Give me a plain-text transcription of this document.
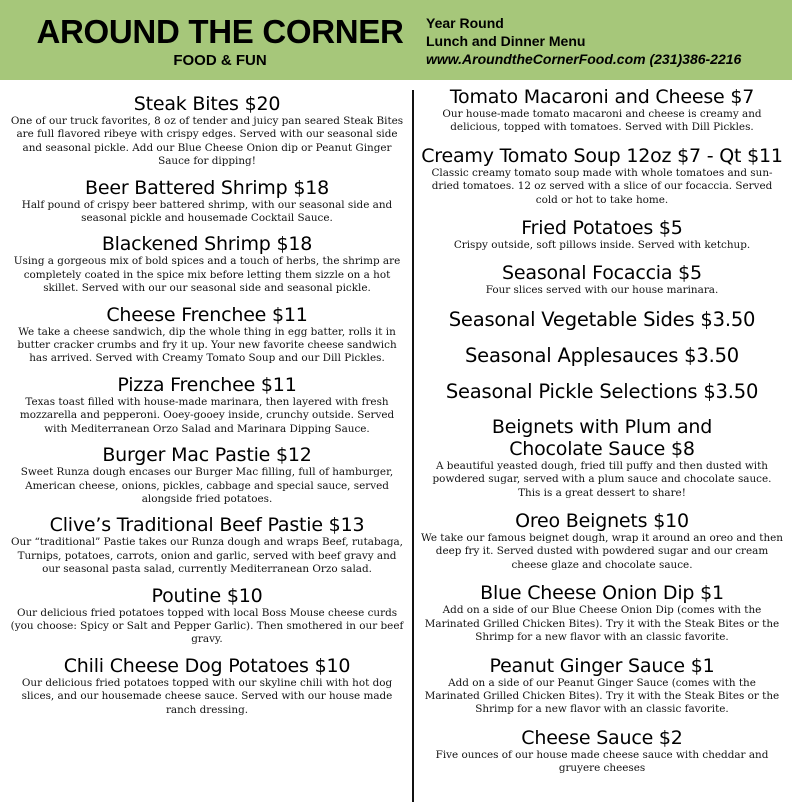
AROUND THE CORNER
FOOD & FUN
Year Round
Lunch and Dinner Menu
www.AroundtheCornerFood.com (231)386-2216
Steak Bites $20

One of our truck favorites, 8 oz of tender and juicy pan seared Steak Bites are full flavored ribeye with crispy edges. Served with our seasonal side and seasonal pickle. Add our Blue Cheese Onion dip or Peanut Ginger Sauce for dipping!

Beer Battered Shrimp $18

Half pound of crispy beer battered shrimp, with our seasonal side and seasonal pickle and housemade Cocktail Sauce.

Blackened Shrimp $18

Using a gorgeous mix of bold spices and a touch of herbs, the shrimp are completely coated in the spice mix before letting them sizzle on a hot skillet. Served with our our seasonal side and seasonal pickle.

Cheese Frenchee $11

We take a cheese sandwich, dip the whole thing in egg batter, rolls it in butter cracker crumbs and fry it up. Your new favorite cheese sandwich has arrived. Served with Creamy Tomato Soup and our Dill Pickles.

Pizza Frenchee $11

Texas toast filled with house-made marinara, then layered with fresh mozzarella and pepperoni. Ooey-gooey inside, crunchy outside. Served with Mediterranean Orzo Salad and Marinara Dipping Sauce.

Burger Mac Pastie $12

Sweet Runza dough encases our Burger Mac filling, full of hamburger, American cheese, onions, pickles, cabbage and special sauce, served alongside fried potatoes.

Clive’s Traditional Beef Pastie $13

Our “traditional” Pastie takes our Runza dough and wraps Beef, rutabaga, Turnips, potatoes, carrots, onion and garlic, served with beef gravy and our seasonal pasta salad, currently Mediterranean Orzo salad.

Poutine $10

Our delicious fried potatoes topped with local Boss Mouse cheese curds (you choose: Spicy or Salt and Pepper Garlic). Then smothered in our beef gravy.

Chili Cheese Dog Potatoes $10

Our delicious fried potatoes topped with our skyline chili with hot dog slices, and our housemade cheese sauce. Served with our house made ranch dressing.

Tomato Macaroni and Cheese $7

Our house-made tomato macaroni and cheese is creamy and delicious, topped with tomatoes. Served with Dill Pickles.

Creamy Tomato Soup 12oz $7 - Qt $11

Classic creamy tomato soup made with whole tomatoes and sun-dried tomatoes. 12 oz served with a slice of our focaccia. Served cold or hot to take home.

Fried Potatoes $5

Crispy outside, soft pillows inside. Served with ketchup.

Seasonal Focaccia $5

Four slices served with our house marinara.

Seasonal Vegetable Sides $3.50
Seasonal Applesauces $3.50
Seasonal Pickle Selections $3.50
Beignets with Plum and Chocolate Sauce $8

A beautiful yeasted dough, fried till puffy and then dusted with powdered sugar, served with a plum sauce and chocolate sauce. This is a great dessert to share!

Oreo Beignets $10

We take our famous beignet dough, wrap it around an oreo and then deep fry it. Served dusted with powdered sugar and our cream cheese glaze and chocolate sauce.

Blue Cheese Onion Dip $1

Add on a side of our Blue Cheese Onion Dip (comes with the Marinated Grilled Chicken Bites). Try it with the Steak Bites or the Shrimp for a new flavor with an classic favorite.

Peanut Ginger Sauce $1

Add on a side of our Peanut Ginger Sauce (comes with the Marinated Grilled Chicken Bites). Try it with the Steak Bites or the Shrimp for a new flavor with an classic favorite.

Cheese Sauce $2

Five ounces of our house made cheese sauce with cheddar and gruyere cheeses
